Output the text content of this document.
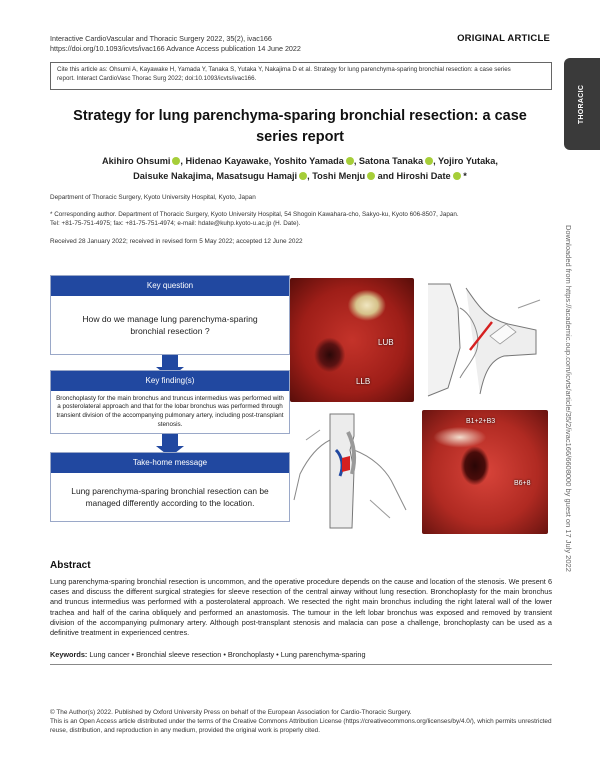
Interactive CardioVascular and Thoracic Surgery 2022, 35(2), ivac166
https://doi.org/10.1093/icvts/ivac166 Advance Access publication 14 June 2022
ORIGINAL ARTICLE
THORACIC
Cite this article as: Ohsumi A, Kayawake H, Yamada Y, Tanaka S, Yutaka Y, Nakajima D et al. Strategy for lung parenchyma-sparing bronchial resection: a case series
report. Interact CardioVasc Thorac Surg 2022; doi:10.1093/icvts/ivac166.
Downloaded from https://academic.oup.com/icvts/article/35/2/ivac166/6608000 by guest on 17 July 2022
Strategy for lung parenchyma-sparing bronchial resection: a case
series report
Akihiro Ohsumi , Hidenao Kayawake, Yoshito Yamada , Satona Tanaka , Yojiro Yutaka,
Daisuke Nakajima, Masatsugu Hamaji , Toshi Menju and Hiroshi Date *
Department of Thoracic Surgery, Kyoto University Hospital, Kyoto, Japan
* Corresponding author. Department of Thoracic Surgery, Kyoto University Hospital, 54 Shogoin Kawahara-cho, Sakyo-ku, Kyoto 606-8507, Japan.
Tel: +81-75-751-4975; fax: +81-75-751-4974; e-mail: hdate@kuhp.kyoto-u.ac.jp (H. Date).
Received 28 January 2022; received in revised form 5 May 2022; accepted 12 June 2022
Key question
How do we manage lung parenchyma-sparing bronchial resection ?
Key finding(s)
Bronchoplasty for the main bronchus and truncus intermedius was performed with a posterolateral approach and that for the lobar bronchus was performed through transient division of the accompanying pulmonary artery, including post-transplant stenosis.
Take-home message
Lung parenchyma-sparing bronchial resection can be managed differently according to the location.
LUB
LLB
B1+2+B3
B6+8
Abstract
Lung parenchyma-sparing bronchial resection is uncommon, and the operative procedure depends on the cause and location of the stenosis. We present 6 cases and discuss the different surgical strategies for sleeve resection of the central airway without lung resection. Bronchoplasty for the main bronchus and truncus intermedius was performed with a posterolateral approach. We resected the right main bronchus including the right lateral wall of the lower trachea and half of the carina obliquely and performed an anastomosis. The tumour in the left lobar bronchus was exposed and removed by transient division of the accompanying pulmonary artery. Although post-transplant stenosis and malacia can pose a challenge, bronchoplasty can be used as a definitive treatment in experienced centres.
Keywords: Lung cancer • Bronchial sleeve resection • Bronchoplasty • Lung parenchyma-sparing
© The Author(s) 2022. Published by Oxford University Press on behalf of the European Association for Cardio-Thoracic Surgery.
This is an Open Access article distributed under the terms of the Creative Commons Attribution License (https://creativecommons.org/licenses/by/4.0/), which permits unrestricted reuse, distribution, and reproduction in any medium, provided the original work is properly cited.
